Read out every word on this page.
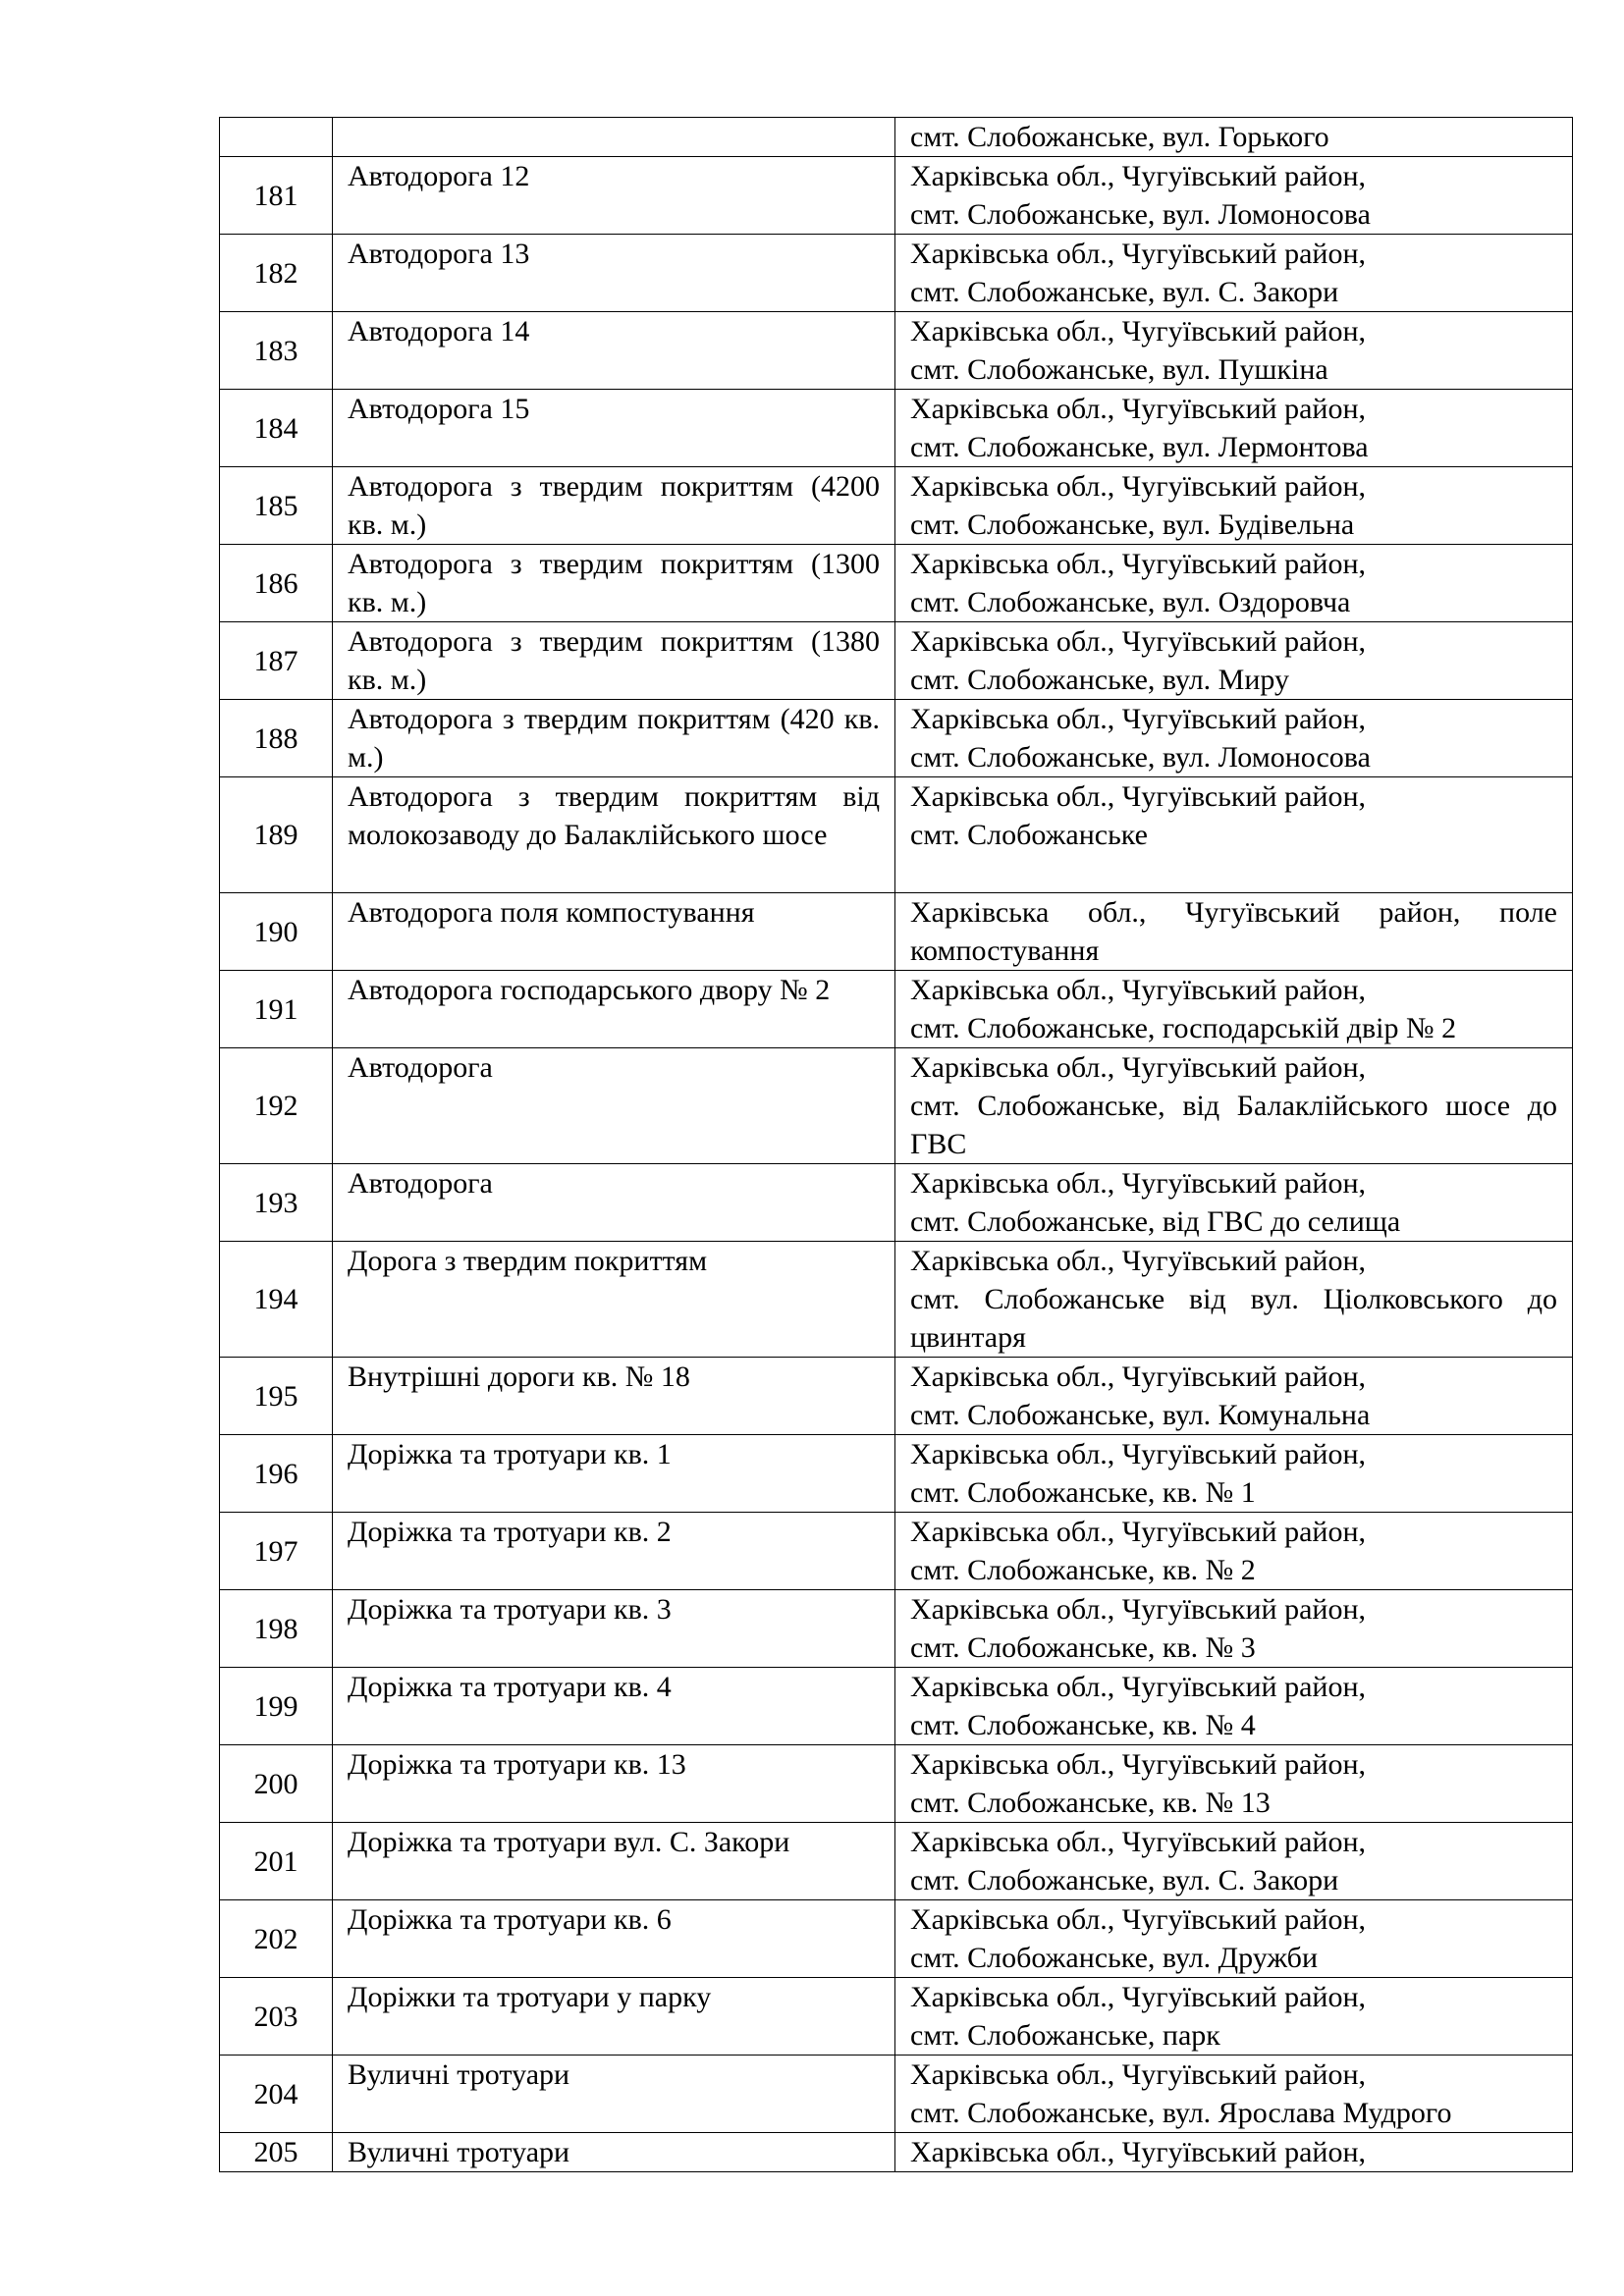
		смт. Слобожанське, вул. Горького

181	Автодорога 12	Харківська обл., Чугуївський район,
смт. Слобожанське, вул. Ломоносова

182	Автодорога 13	Харківська обл., Чугуївський район,
смт. Слобожанське, вул. С. Закори

183	Автодорога 14	Харківська обл., Чугуївський район,
смт. Слобожанське, вул. Пушкіна

184	Автодорога 15	Харківська обл., Чугуївський район,
смт. Слобожанське, вул. Лермонтова

185	Автодорога з твердим покриттям (4200 кв. м.)	Харківська обл., Чугуївський район,
смт. Слобожанське, вул. Будівельна

186	Автодорога з твердим покриттям (1300 кв. м.)	Харківська обл., Чугуївський район,
смт. Слобожанське, вул. Оздоровча

187	Автодорога з твердим покриттям (1380 кв. м.)	Харківська обл., Чугуївський район,
смт. Слобожанське, вул. Миру

188	Автодорога з твердим покриттям (420 кв. м.)	Харківська обл., Чугуївський район,
смт. Слобожанське, вул. Ломоносова

189	Автодорога з твердим покриттям від молокозаводу до Балаклійського шосе	Харківська обл., Чугуївський район,
смт. Слобожанське

190	Автодорога поля компостування	Харківська обл., Чугуївський район, поле компостування

191	Автодорога господарського двору № 2	Харківська обл., Чугуївський район,
смт. Слобожанське, господарській двір № 2

192	Автодорога	Харківська обл., Чугуївський район,
смт. Слобожанське, від Балаклійського шосе до ГВС

193	Автодорога	Харківська обл., Чугуївський район,
смт. Слобожанське, від ГВС до селища

194	Дорога з твердим покриттям	Харківська обл., Чугуївський район,
смт. Слобожанське від вул. Ціолковського до цвинтаря

195	Внутрішні дороги кв. № 18	Харківська обл., Чугуївський район,
смт. Слобожанське, вул. Комунальна

196	Доріжка та тротуари кв. 1	Харківська обл., Чугуївський район,
смт. Слобожанське, кв. № 1

197	Доріжка та тротуари кв. 2	Харківська обл., Чугуївський район,
смт. Слобожанське, кв. № 2

198	Доріжка та тротуари кв. 3	Харківська обл., Чугуївський район,
смт. Слобожанське, кв. № 3

199	Доріжка та тротуари кв. 4	Харківська обл., Чугуївський район,
смт. Слобожанське, кв. № 4

200	Доріжка та тротуари кв. 13	Харківська обл., Чугуївський район,
смт. Слобожанське, кв. № 13

201	Доріжка та тротуари вул. С. Закори	Харківська обл., Чугуївський район,
смт. Слобожанське, вул. С. Закори

202	Доріжка та тротуари кв. 6	Харківська обл., Чугуївський район,
смт. Слобожанське, вул. Дружби

203	Доріжки та тротуари у парку	Харківська обл., Чугуївський район,
смт. Слобожанське, парк

204	Вуличні тротуари	Харківська обл., Чугуївський район,
смт. Слобожанське, вул. Ярослава Мудрого

205	Вуличні тротуари	Харківська обл., Чугуївський район,
